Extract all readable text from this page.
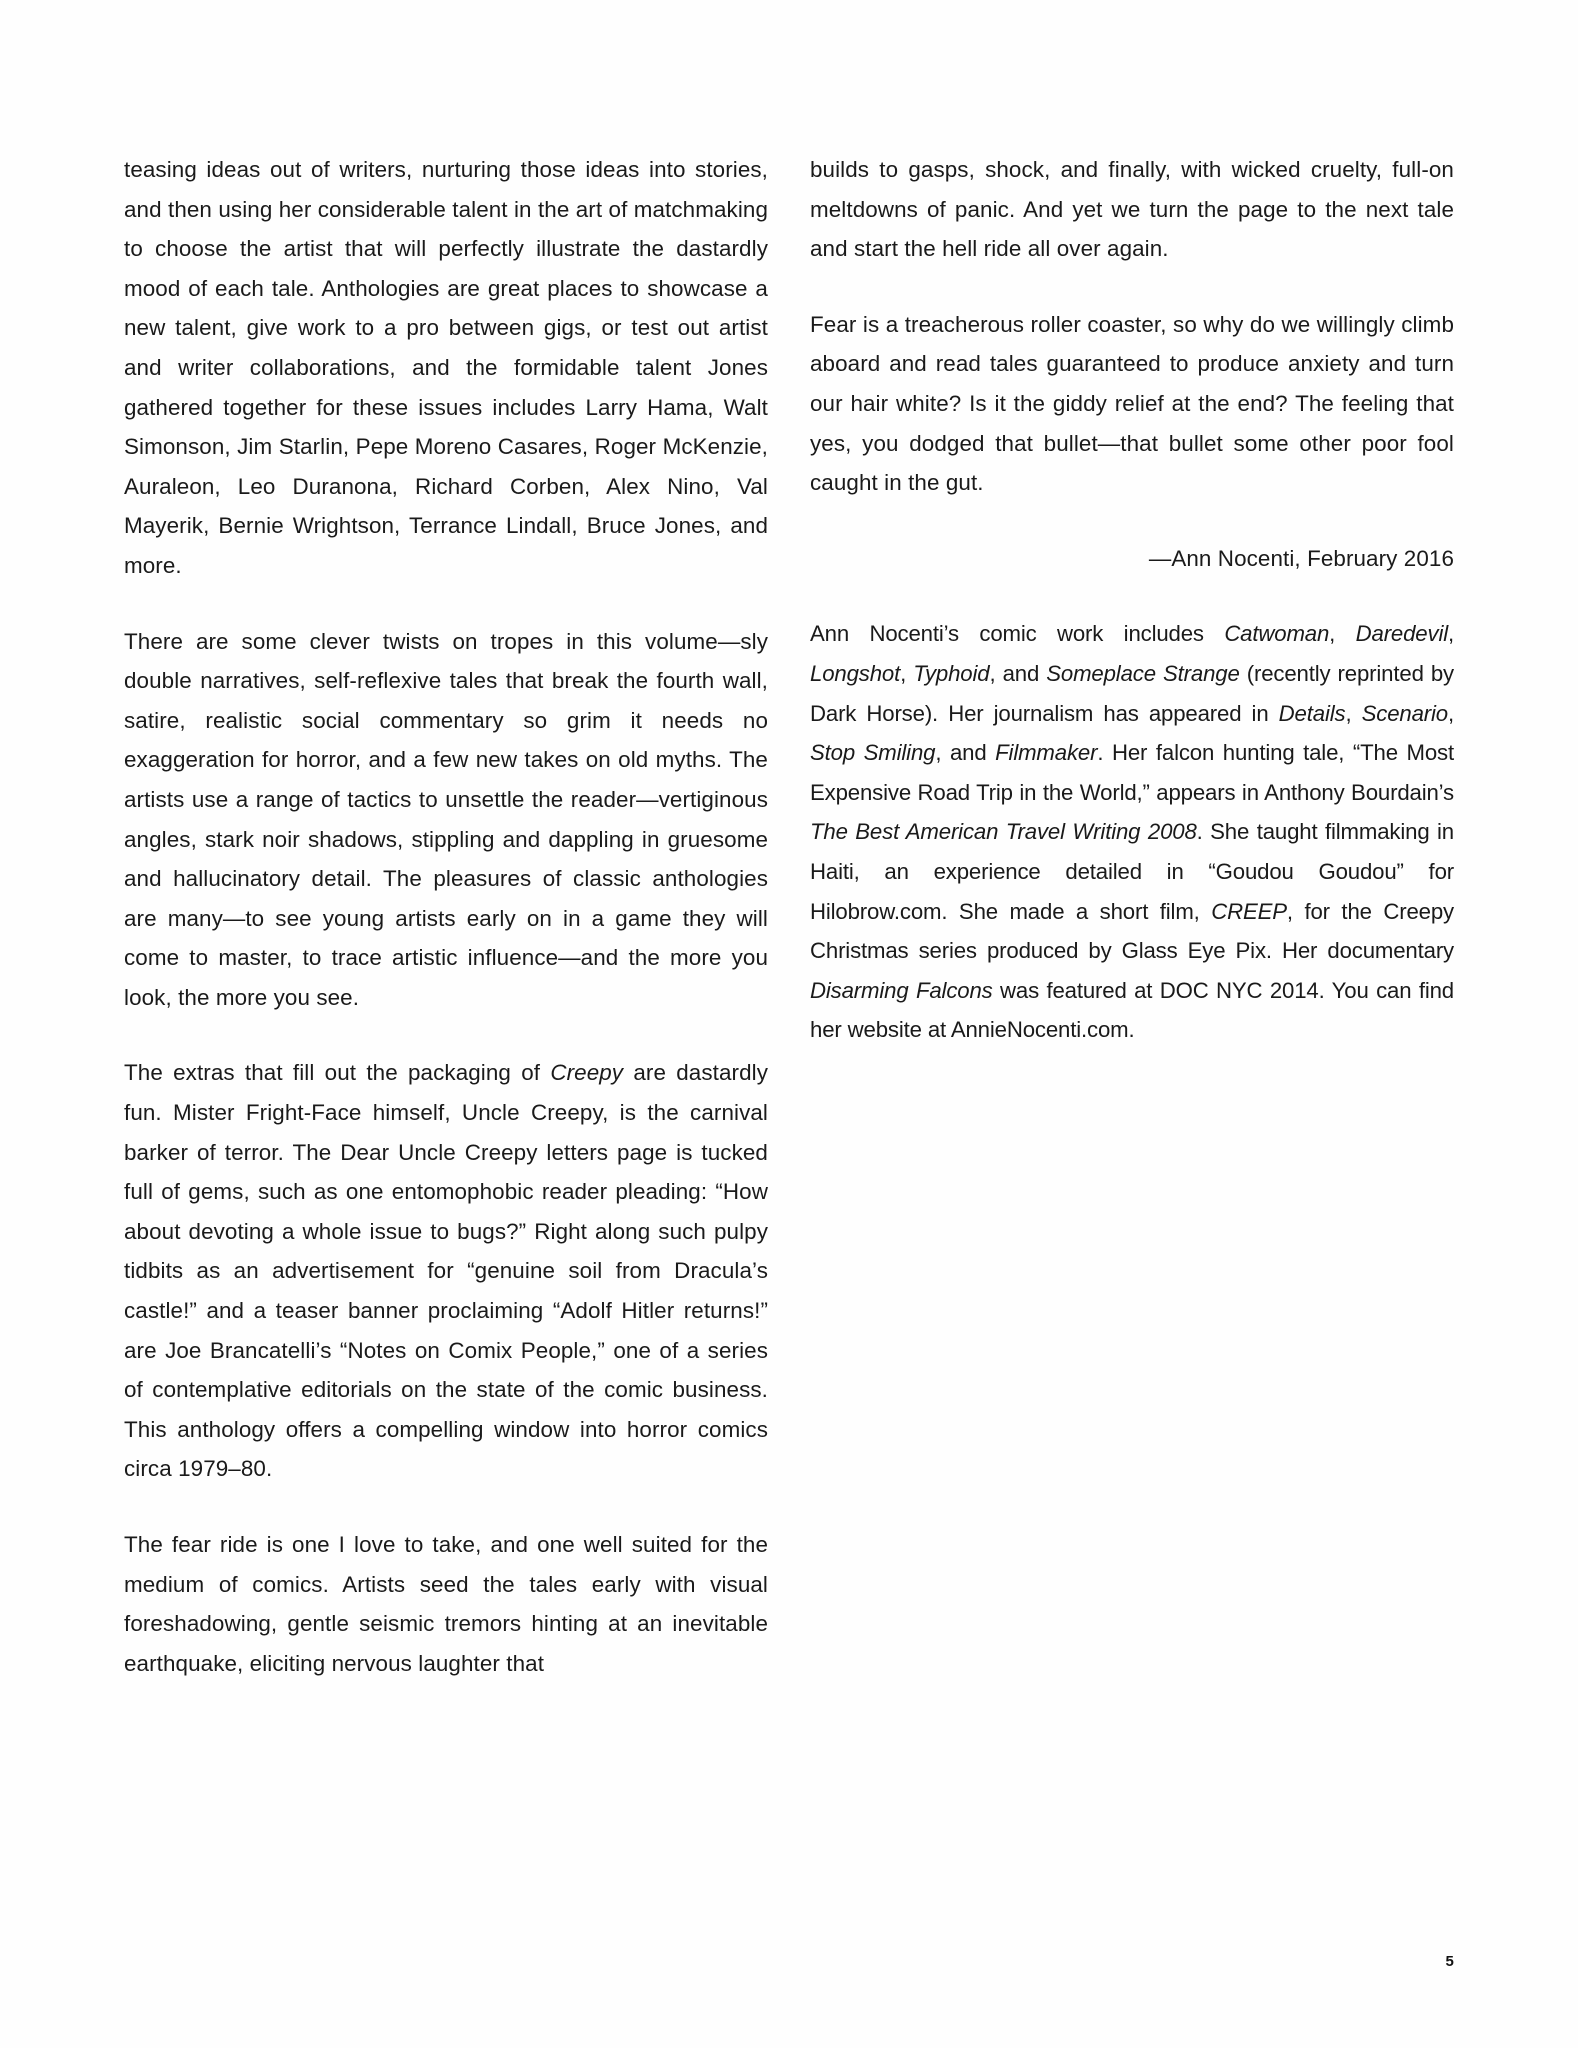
teasing ideas out of writers, nurturing those ideas into stories, and then using her considerable talent in the art of matchmaking to choose the artist that will perfectly illustrate the dastardly mood of each tale. Anthologies are great places to showcase a new talent, give work to a pro between gigs, or test out artist and writer collaborations, and the formidable talent Jones gathered together for these issues includes Larry Hama, Walt Simonson, Jim Starlin, Pepe Moreno Casares, Roger McKenzie, Auraleon, Leo Duranona, Richard Corben, Alex Nino, Val Mayerik, Bernie Wrightson, Terrance Lindall, Bruce Jones, and more.

There are some clever twists on tropes in this volume—sly double narratives, self-reflexive tales that break the fourth wall, satire, realistic social commentary so grim it needs no exaggeration for horror, and a few new takes on old myths. The artists use a range of tactics to unsettle the reader—vertiginous angles, stark noir shadows, stippling and dappling in gruesome and hallucinatory detail. The pleasures of classic anthologies are many—to see young artists early on in a game they will come to master, to trace artistic influence—and the more you look, the more you see.

The extras that fill out the packaging of Creepy are dastardly fun. Mister Fright-Face himself, Uncle Creepy, is the carnival barker of terror. The Dear Uncle Creepy letters page is tucked full of gems, such as one entomophobic reader pleading: “How about devoting a whole issue to bugs?” Right along such pulpy tidbits as an advertisement for “genuine soil from Dracula’s castle!” and a teaser banner proclaiming “Adolf Hitler returns!” are Joe Brancatelli’s “Notes on Comix People,” one of a series of contemplative editorials on the state of the comic business. This anthology offers a compelling window into horror comics circa 1979–80.

The fear ride is one I love to take, and one well suited for the medium of comics. Artists seed the tales early with visual foreshadowing, gentle seismic tremors hinting at an inevitable earthquake, eliciting nervous laughter that

builds to gasps, shock, and finally, with wicked cruelty, full-on meltdowns of panic. And yet we turn the page to the next tale and start the hell ride all over again.

Fear is a treacherous roller coaster, so why do we willingly climb aboard and read tales guaranteed to produce anxiety and turn our hair white? Is it the giddy relief at the end? The feeling that yes, you dodged that bullet—that bullet some other poor fool caught in the gut.

—Ann Nocenti, February 2016

Ann Nocenti’s comic work includes Catwoman, Daredevil, Longshot, Typhoid, and Someplace Strange (recently reprinted by Dark Horse). Her journalism has appeared in Details, Scenario, Stop Smiling, and Filmmaker. Her falcon hunting tale, “The Most Expensive Road Trip in the World,” appears in Anthony Bourdain’s The Best American Travel Writing 2008. She taught filmmaking in Haiti, an experience detailed in “Goudou Goudou” for Hilobrow.com. She made a short film, CREEP, for the Creepy Christmas series produced by Glass Eye Pix. Her documentary Disarming Falcons was featured at DOC NYC 2014. You can find her website at AnnieNocenti.com.

5
